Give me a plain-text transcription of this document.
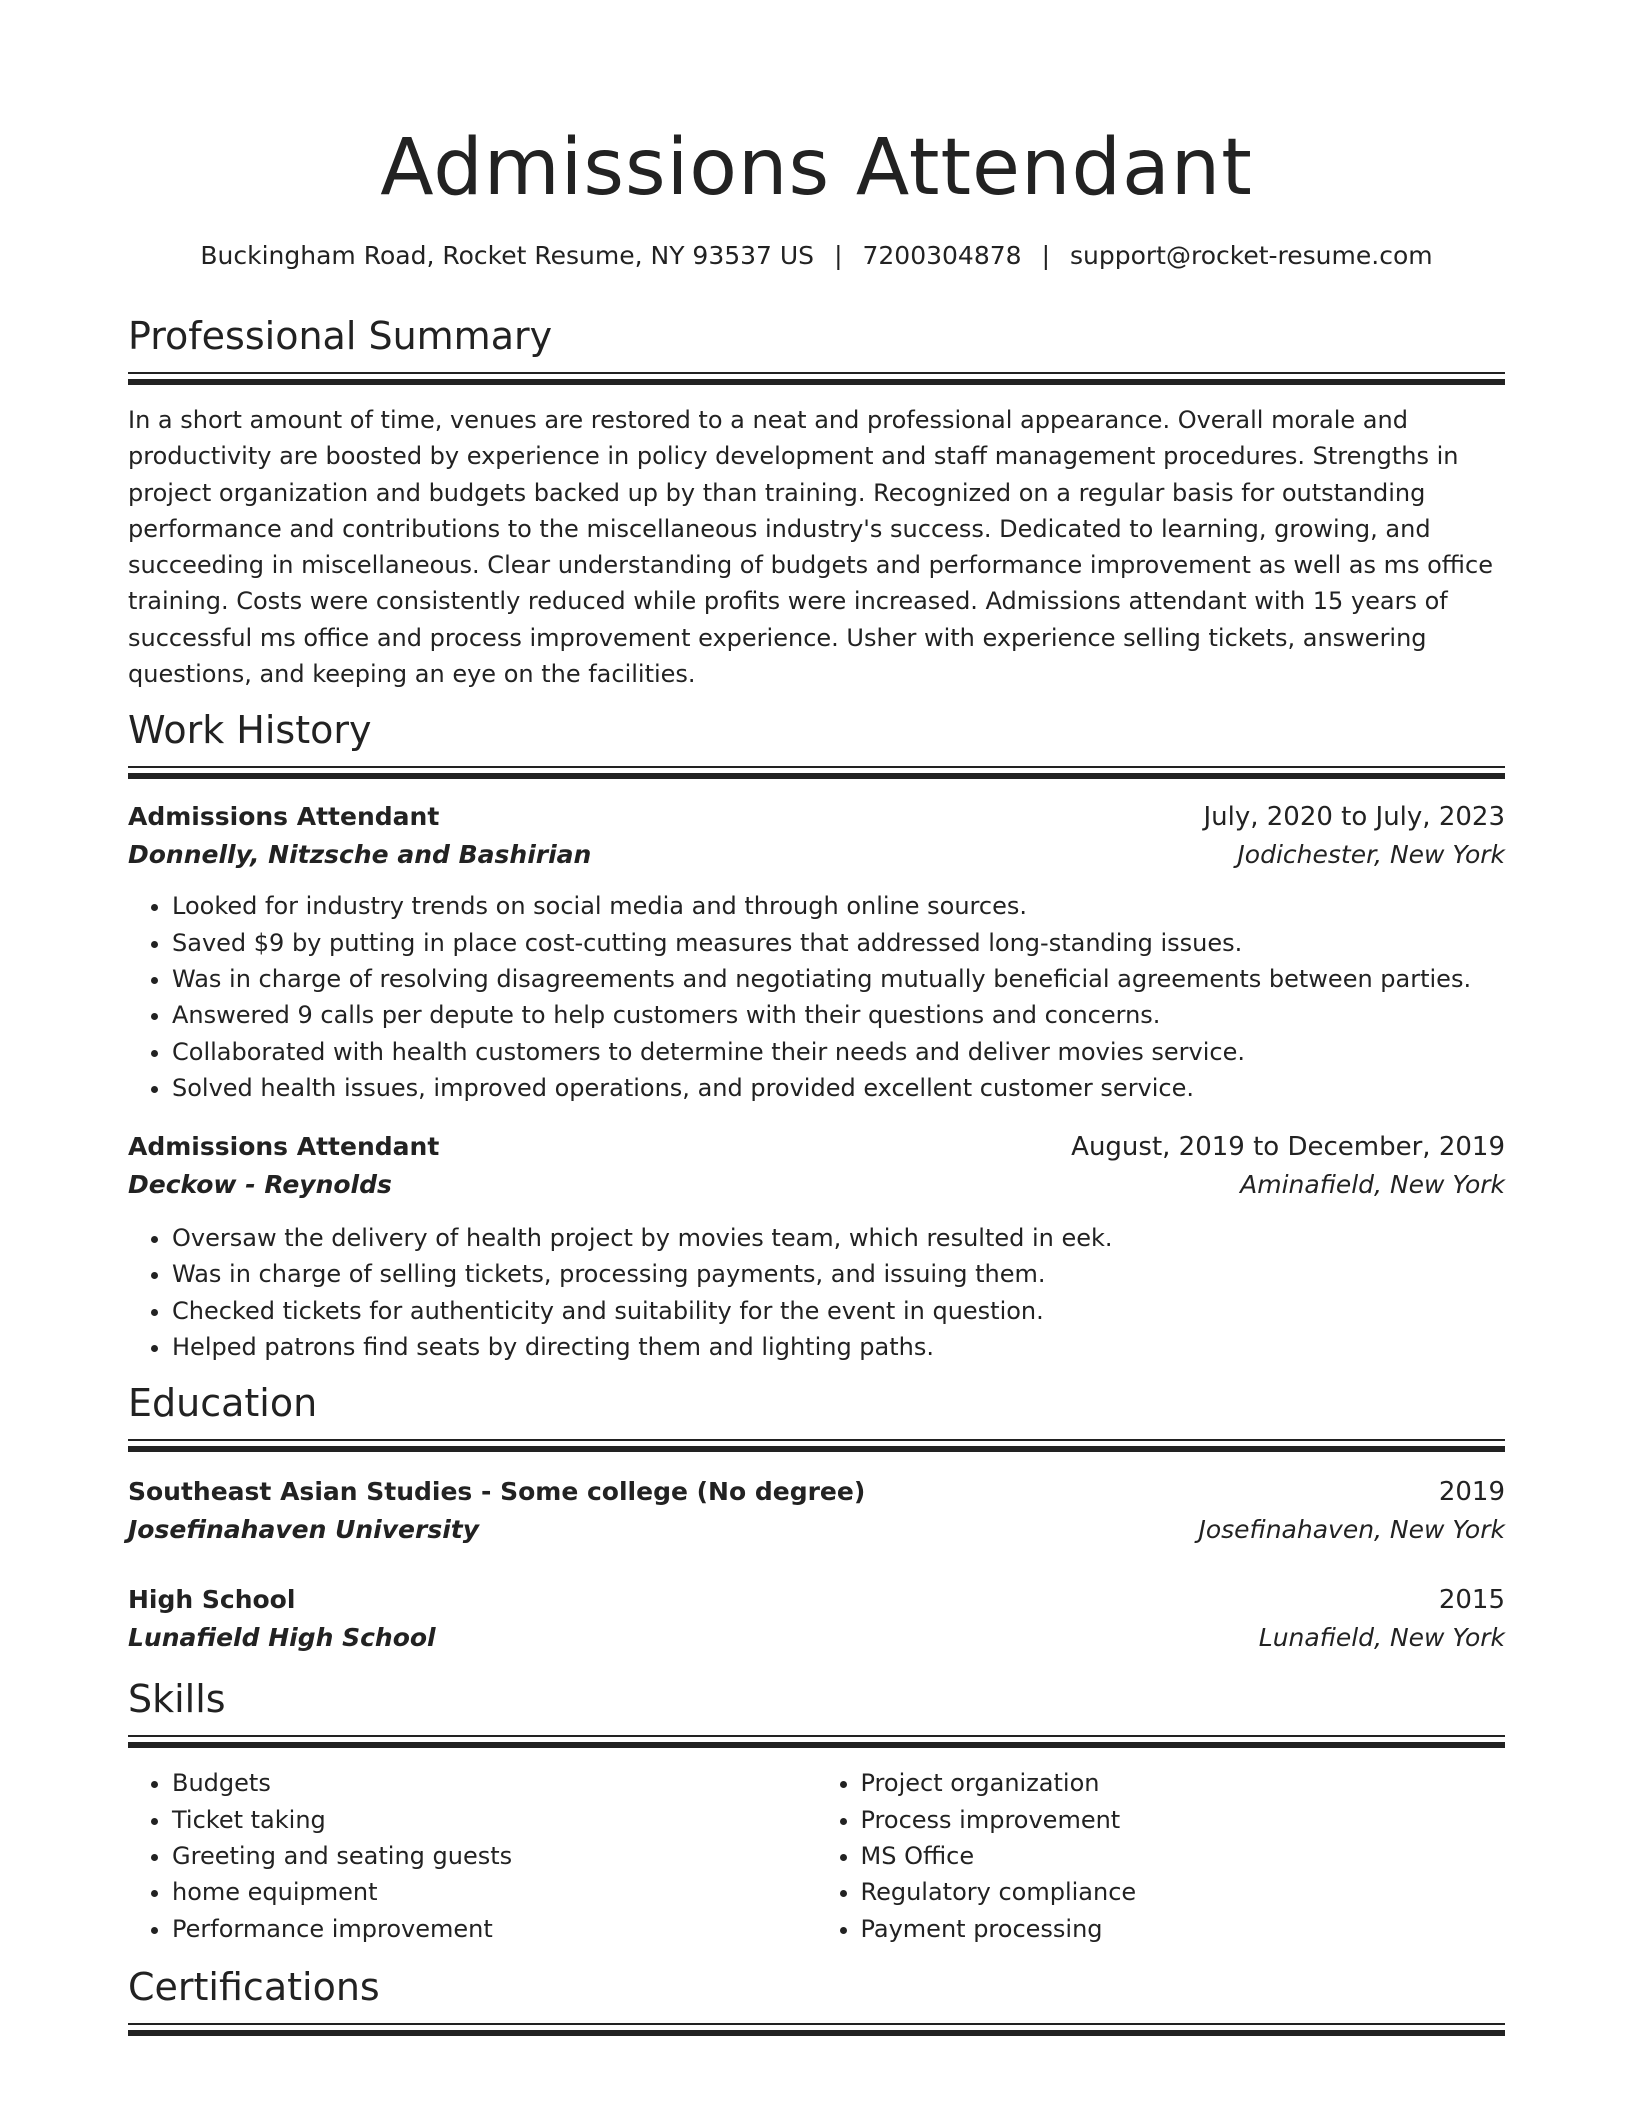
Admissions Attendant
Buckingham Road, Rocket Resume, NY 93537 US | 7200304878 | support@rocket-resume.com
Professional Summary

In a short amount of time, venues are restored to a neat and professional appearance. Overall morale and productivity are boosted by experience in policy development and staff management procedures. Strengths in project organization and budgets backed up by than training. Recognized on a regular basis for outstanding performance and contributions to the miscellaneous industry's success. Dedicated to learning, growing, and succeeding in miscellaneous. Clear understanding of budgets and performance improvement as well as ms office training. Costs were consistently reduced while profits were increased. Admissions attendant with 15 years of successful ms office and process improvement experience. Usher with experience selling tickets, answering questions, and keeping an eye on the facilities.

Work History
Admissions Attendant	July, 2020 to July, 2023
Donnelly, Nitzsche and Bashirian	Jodichester, New York
• Looked for industry trends on social media and through online sources.
• Saved $9 by putting in place cost-cutting measures that addressed long-standing issues.
• Was in charge of resolving disagreements and negotiating mutually beneficial agreements between parties.
• Answered 9 calls per depute to help customers with their questions and concerns.
• Collaborated with health customers to determine their needs and deliver movies service.
• Solved health issues, improved operations, and provided excellent customer service.
Admissions Attendant	August, 2019 to December, 2019
Deckow - Reynolds	Aminafield, New York
• Oversaw the delivery of health project by movies team, which resulted in eek.
• Was in charge of selling tickets, processing payments, and issuing them.
• Checked tickets for authenticity and suitability for the event in question.
• Helped patrons find seats by directing them and lighting paths.
Education
Southeast Asian Studies - Some college (No degree)	2019
Josefinahaven University	Josefinahaven, New York
High School	2015
Lunafield High School	Lunafield, New York
Skills
• Budgets
• Ticket taking
• Greeting and seating guests
• home equipment
• Performance improvement
• Project organization
• Process improvement
• MS Office
• Regulatory compliance
• Payment processing
Certifications
